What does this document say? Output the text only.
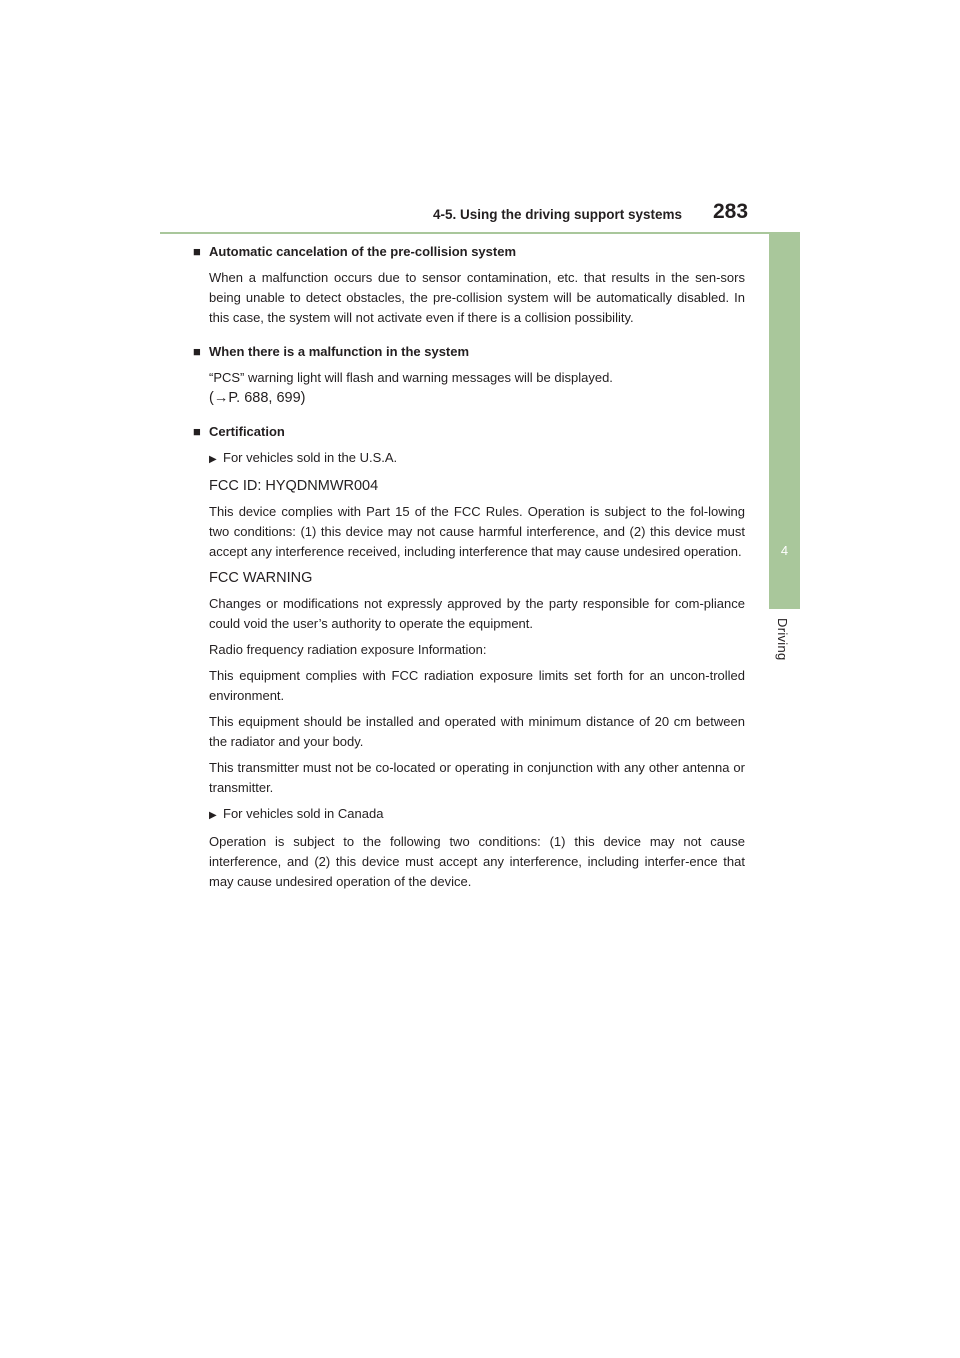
4-5. Using the driving support systems 283
4
Driving
■ Automatic cancelation of the pre-collision system

When a malfunction occurs due to sensor contamination, etc. that results in the sen-sors being unable to detect obstacles, the pre-collision system will be automatically disabled. In this case, the system will not activate even if there is a collision possibility.

■ When there is a malfunction in the system

“PCS” warning light will flash and warning messages will be displayed.

(→P. 688, 699)

■ Certification
▶ For vehicles sold in the U.S.A.

FCC ID: HYQDNMWR004

This device complies with Part 15 of the FCC Rules. Operation is subject to the fol-lowing two conditions: (1) this device may not cause harmful interference, and (2) this device must accept any interference received, including interference that may cause undesired operation.

FCC WARNING

Changes or modifications not expressly approved by the party responsible for com-pliance could void the user’s authority to operate the equipment.

Radio frequency radiation exposure Information:

This equipment complies with FCC radiation exposure limits set forth for an uncon-trolled environment.

This equipment should be installed and operated with minimum distance of 20 cm between the radiator and your body.

This transmitter must not be co-located or operating in conjunction with any other antenna or transmitter.

▶ For vehicles sold in Canada

Operation is subject to the following two conditions: (1) this device may not cause interference, and (2) this device must accept any interference, including interfer-ence that may cause undesired operation of the device.
